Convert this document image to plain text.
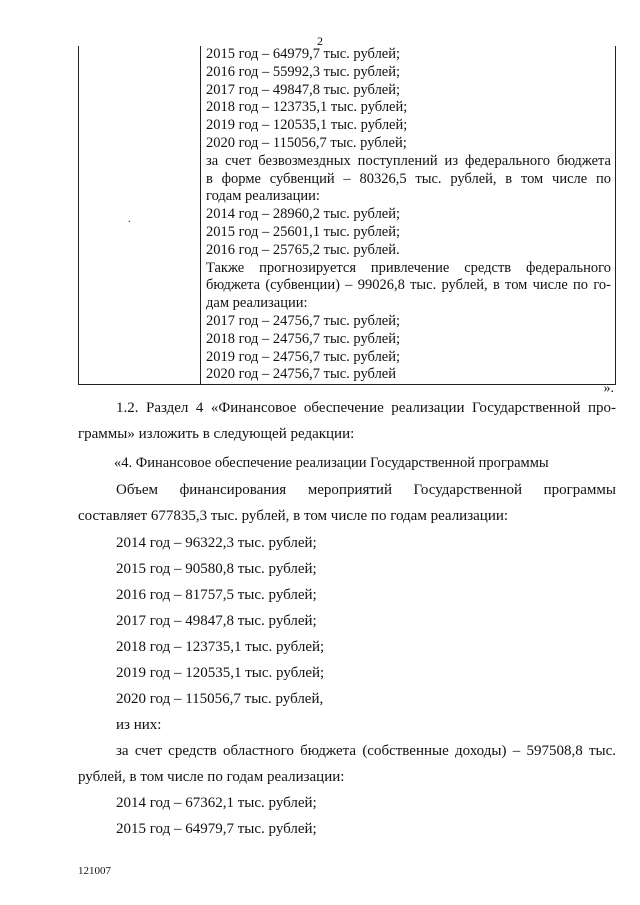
2
.
2015 год – 64979,7 тыс. рублей;
2016 год – 55992,3 тыс. рублей;
2017 год – 49847,8 тыс. рублей;
2018 год – 123735,1 тыс. рублей;
2019 год – 120535,1 тыс. рублей;
2020 год – 115056,7 тыс. рублей;
за счет безвозмездных поступлений из федерального бюджета
в форме субвенций – 80326,5 тыс. рублей, в том числе по
годам реализации:
2014 год – 28960,2 тыс. рублей;
2015 год – 25601,1 тыс. рублей;
2016 год – 25765,2 тыс. рублей.
Также прогнозируется привлечение средств федерального
бюджета (субвенции) – 99026,8 тыс. рублей, в том числе по го-
дам реализации:
2017 год – 24756,7 тыс. рублей;
2018 год – 24756,7 тыс. рублей;
2019 год – 24756,7 тыс. рублей;
2020 год – 24756,7 тыс. рублей
».
1.2. Раздел 4 «Финансовое обеспечение реализации Государственной про-
граммы» изложить в следующей редакции:
«4. Финансовое обеспечение реализации Государственной программы
Объем финансирования мероприятий Государственной программы
составляет 677835,3 тыс. рублей, в том числе по годам реализации:
2014 год – 96322,3 тыс. рублей;
2015 год – 90580,8 тыс. рублей;
2016 год – 81757,5 тыс. рублей;
2017 год – 49847,8 тыс. рублей;
2018 год – 123735,1 тыс. рублей;
2019 год – 120535,1 тыс. рублей;
2020 год – 115056,7 тыс. рублей,
из них:
за счет средств областного бюджета (собственные доходы) – 597508,8 тыс.
рублей, в том числе по годам реализации:
2014 год – 67362,1 тыс. рублей;
2015 год – 64979,7 тыс. рублей;
121007
